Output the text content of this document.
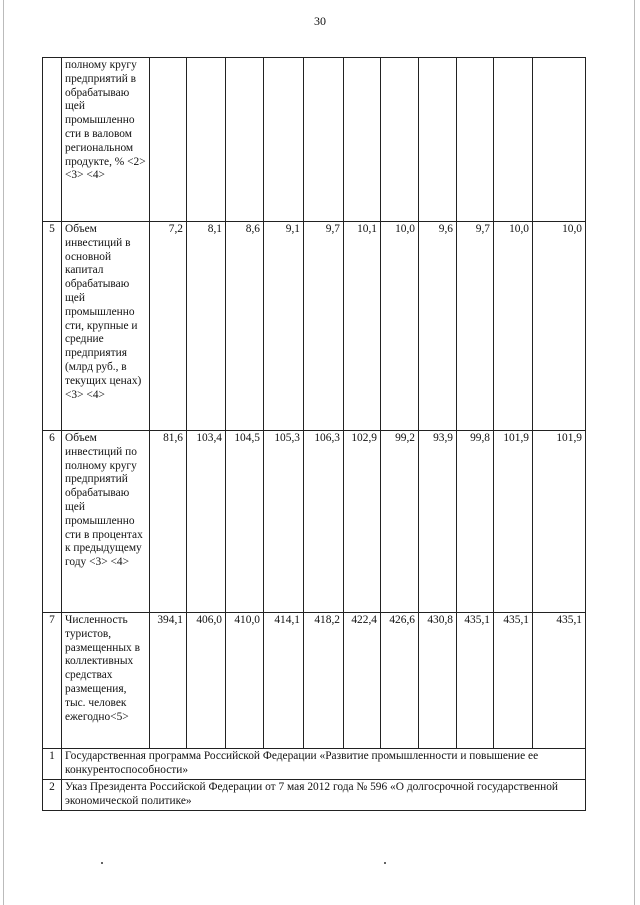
30
	полному кругу предприятий в обрабатываю щей промышленно сти в валовом региональном продукте, % <2> <3> <4>											
5	Объем инвестиций в основной капитал обрабатываю щей промышленно сти, крупные и средние предприятия (млрд руб., в текущих ценах) <3> <4>	7,2	8,1	8,6	9,1	9,7	10,1	10,0	9,6	9,7	10,0	10,0
6	Объем инвестиций по полному кругу предприятий обрабатываю щей промышленно сти в процентах к предыдущему году <3> <4>	81,6	103,4	104,5	105,3	106,3	102,9	99,2	93,9	99,8	101,9	101,9
7	Численность туристов, размещенных в коллективных средствах размещения, тыс. человек ежегодно<5>	394,1	406,0	410,0	414,1	418,2	422,4	426,6	430,8	435,1	435,1	435,1
1	Государственная программа Российской Федерации «Развитие промышленности и повышение ее конкурентоспособности»											
2	Указ Президента Российской Федерации от 7 мая 2012 года № 596 «О долгосрочной государственной экономической политике»											
